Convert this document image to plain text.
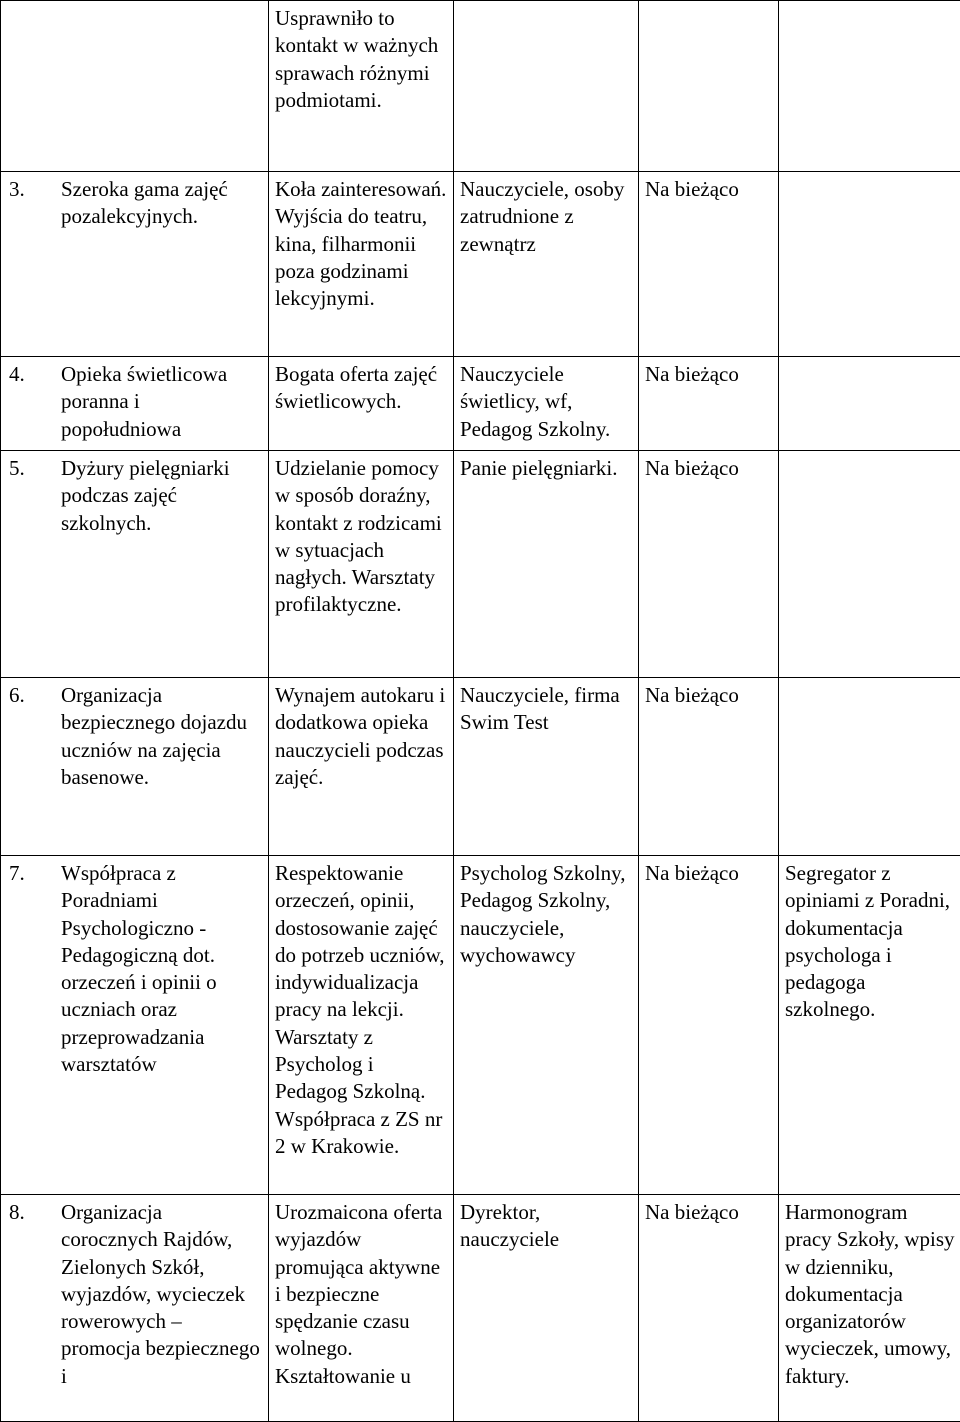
	Usprawniło to kontakt w ważnych sprawach różnymi podmiotami.			

3. Szeroka gama zajęć pozalekcyjnych.	Koła zainteresowań. Wyjścia do teatru, kina, filharmonii poza godzinami lekcyjnymi.	Nauczyciele, osoby zatrudnione z zewnątrz	Na bieżąco	

4. Opieka świetlicowa poranna i popołudniowa	Bogata oferta zajęć świetlicowych.	Nauczyciele świetlicy, wf, Pedagog Szkolny.	Na bieżąco	

5. Dyżury pielęgniarki podczas zajęć szkolnych.	Udzielanie pomocy w sposób doraźny, kontakt z rodzicami w sytuacjach nagłych. Warsztaty profilaktyczne.	Panie pielęgniarki.	Na bieżąco	

6. Organizacja bezpiecznego dojazdu uczniów na zajęcia basenowe.	Wynajem autokaru i dodatkowa opieka nauczycieli podczas zajęć.	Nauczyciele, firma Swim Test	Na bieżąco	

7. Współpraca z Poradniami Psychologiczno - Pedagogiczną dot. orzeczeń i opinii o uczniach oraz przeprowadzania warsztatów	Respektowanie orzeczeń, opinii, dostosowanie zajęć do potrzeb uczniów, indywidualizacja pracy na lekcji. Warsztaty z Psycholog i Pedagog Szkolną. Współpraca z ZS nr 2 w Krakowie.	Psycholog Szkolny, Pedagog Szkolny, nauczyciele, wychowawcy	Na bieżąco	Segregator z opiniami z Poradni, dokumentacja psychologa i pedagoga szkolnego.

8. Organizacja corocznych Rajdów, Zielonych Szkół, wyjazdów, wycieczek rowerowych – promocja bezpiecznego i	Urozmaicona oferta wyjazdów promująca aktywne i bezpieczne spędzanie czasu wolnego. Kształtowanie u	Dyrektor, nauczyciele	Na bieżąco	Harmonogram pracy Szkoły, wpisy w dzienniku, dokumentacja organizatorów wycieczek, umowy, faktury.
